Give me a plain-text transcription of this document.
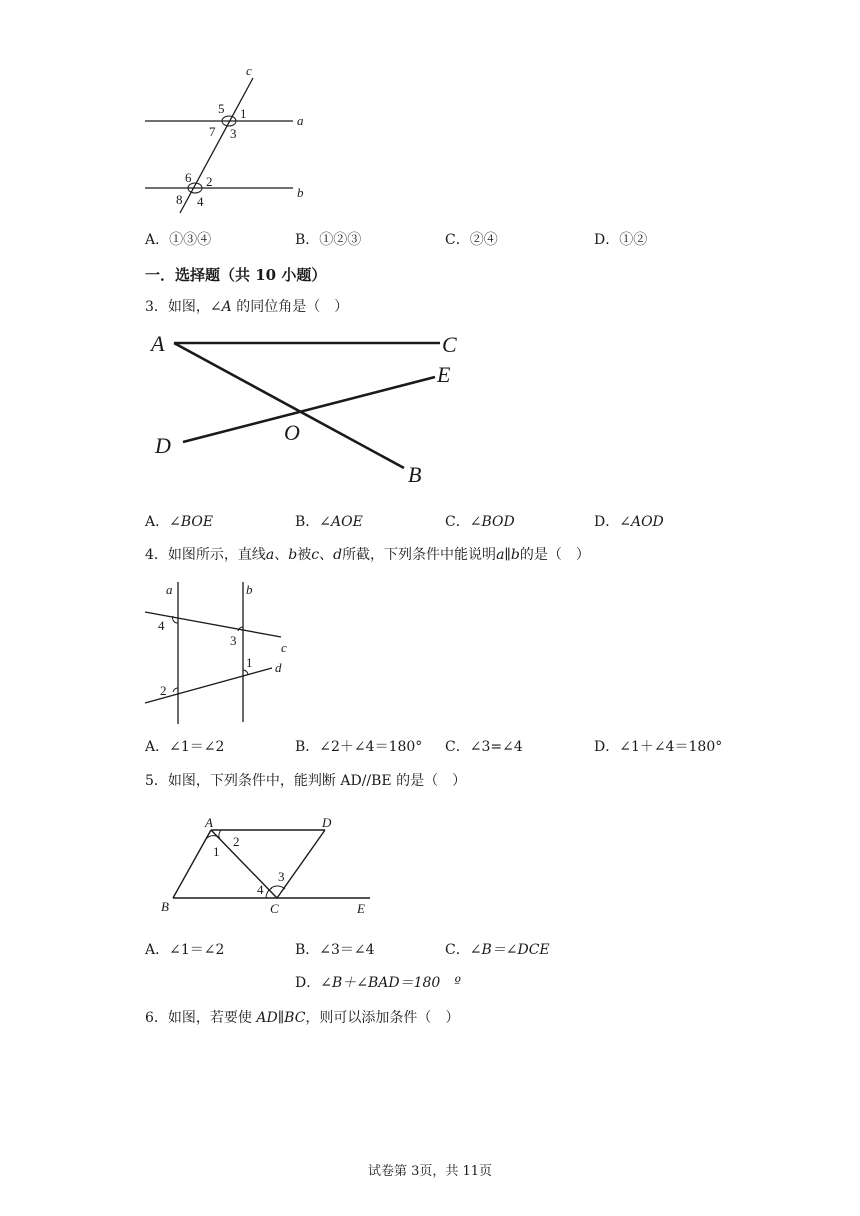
c
a
b
5 1
7 3
6 2
8 4
A．①③④	B．①②③	C．②④	D．①②
一．选择题（共 10 小题）
3．如图，∠A 的同位角是（　）
A	C
E
D
O
B
A．∠BOE	B．∠AOE	C．∠BOD	D．∠AOD
4．如图所示，直线a、b被c、d所截，下列条件中能说明a∥b的是（　）
a	b
c
d
4
3
1
2
A．∠1＝∠2	B．∠2＋∠4＝180° C．∠3=∠4	D．∠1＋∠4＝180°
5．如图，下列条件中，能判断 AD//BE 的是（　）
A	D
B	C	E
1
2
3
4
A．∠1＝∠2	B．∠3＝∠4	C．∠B＝∠DCE
D．∠B＋∠BAD＝180　º
6．如图，若要使 AD∥BC，则可以添加条件（　）
试卷第 3页，共 11页
